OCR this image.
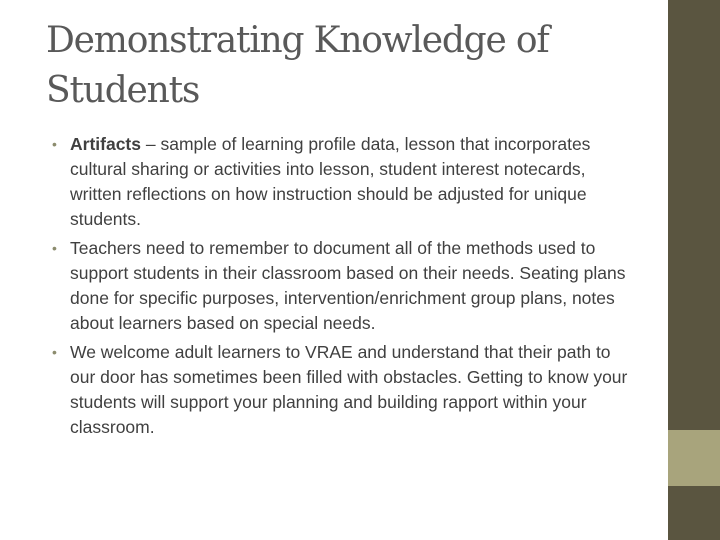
Demonstrating Knowledge of
Students
• Artifacts – sample of learning profile data, lesson that incorporates cultural sharing or activities into lesson, student interest notecards, written reflections on how instruction should be adjusted for unique students.
• Teachers need to remember to document all of the methods used to support students in their classroom based on their needs. Seating plans done for specific purposes, intervention/enrichment group plans, notes about learners based on special needs.
• We welcome adult learners to VRAE and understand that their path to our door has sometimes been filled with obstacles. Getting to know your students will support your planning and building rapport within your classroom.
